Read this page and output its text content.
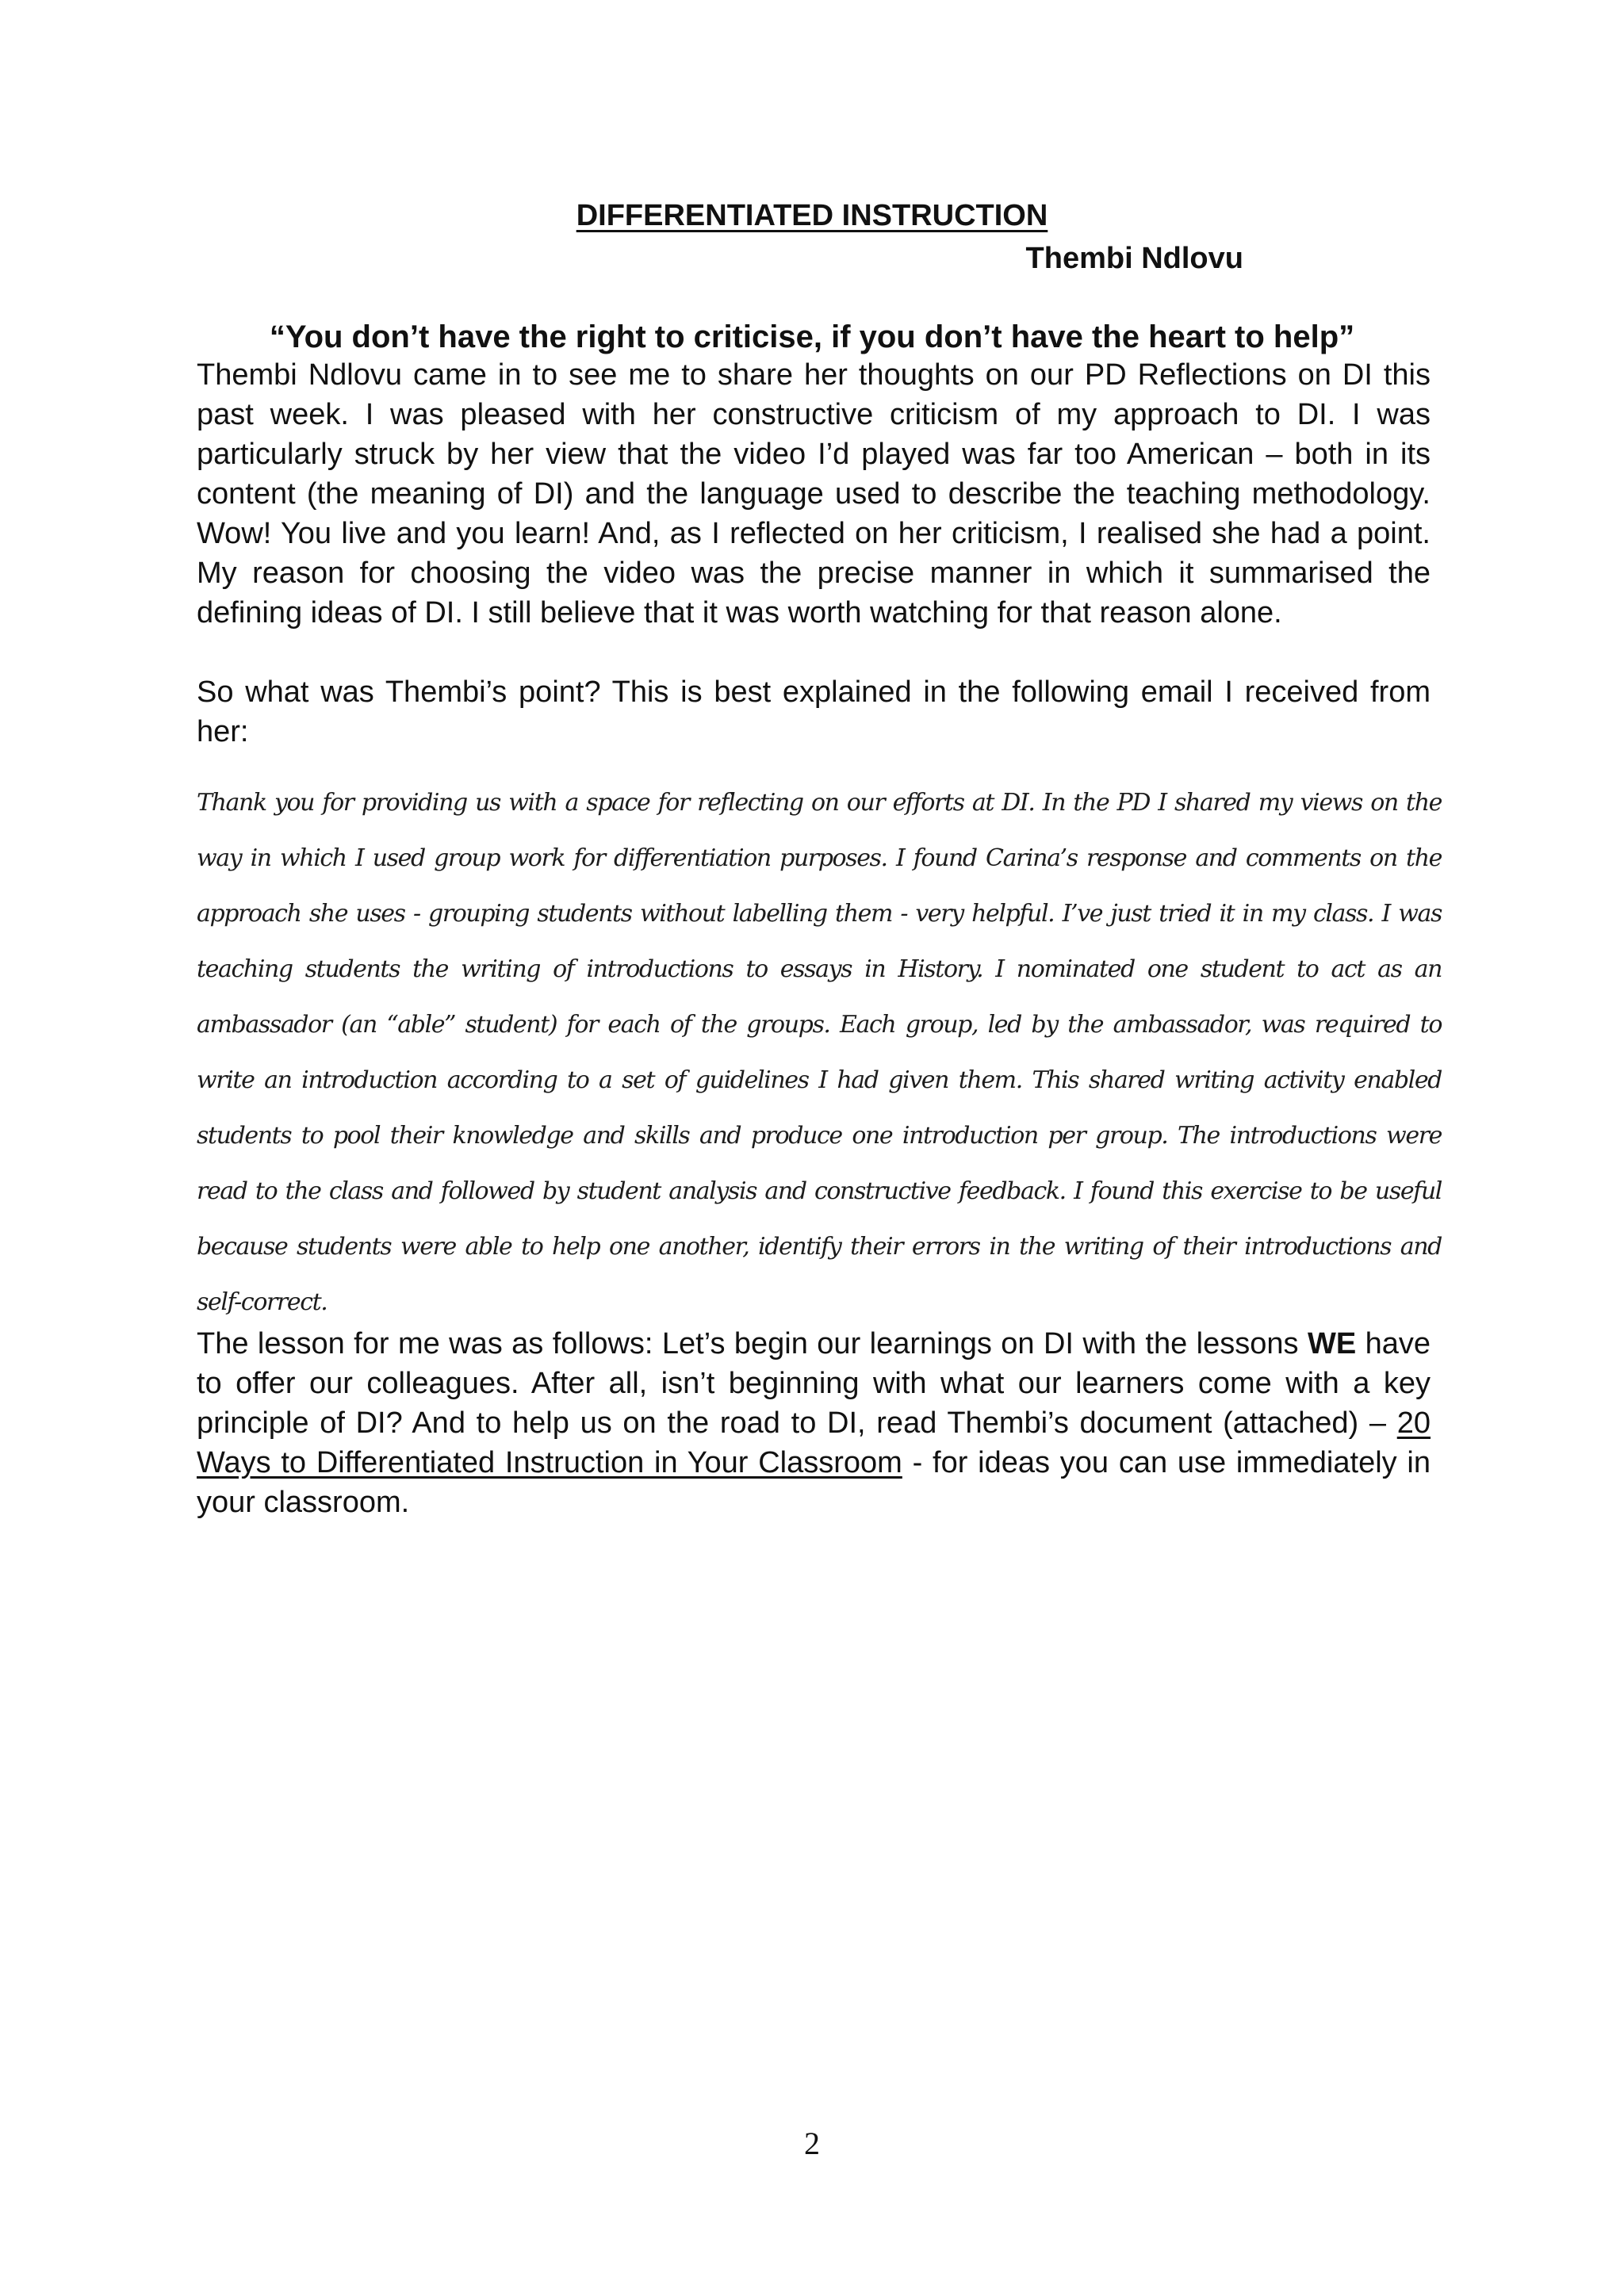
DIFFERENTIATED INSTRUCTION
Thembi Ndlovu
“You don’t have the right to criticise, if you don’t have the heart to help”

Thembi Ndlovu came in to see me to share her thoughts on our PD Reflections on DI this past week. I was pleased with her constructive criticism of my approach to DI. I was particularly struck by her view that the video I’d played was far too American – both in its content (the meaning of DI) and the language used to describe the teaching methodology. Wow! You live and you learn! And, as I reflected on her criticism, I realised she had a point. My reason for choosing the video was the precise manner in which it summarised the defining ideas of DI. I still believe that it was worth watching for that reason alone.

So what was Thembi’s point? This is best explained in the following email I received from her:

Thank you for providing us with a space for reflecting on our efforts at DI. In the PD I shared my views on the way in which I used group work for differentiation purposes. I found Carina’s response and comments on the approach she uses - grouping students without labelling them - very helpful. I’ve just tried it in my class. I was teaching students the writing of introductions to essays in History. I nominated one student to act as an ambassador (an “able” student) for each of the groups. Each group, led by the ambassador, was required to write an introduction according to a set of guidelines I had given them. This shared writing activity enabled students to pool their knowledge and skills and produce one introduction per group. The introductions were read to the class and followed by student analysis and constructive feedback. I found this exercise to be useful because students were able to help one another, identify their errors in the writing of their introductions and self-correct.

The lesson for me was as follows: Let’s begin our learnings on DI with the lessons WE have to offer our colleagues. After all, isn’t beginning with what our learners come with a key principle of DI? And to help us on the road to DI, read Thembi’s document (attached) – 20 Ways to Differentiated Instruction in Your Classroom - for ideas you can use immediately in your classroom.

2
